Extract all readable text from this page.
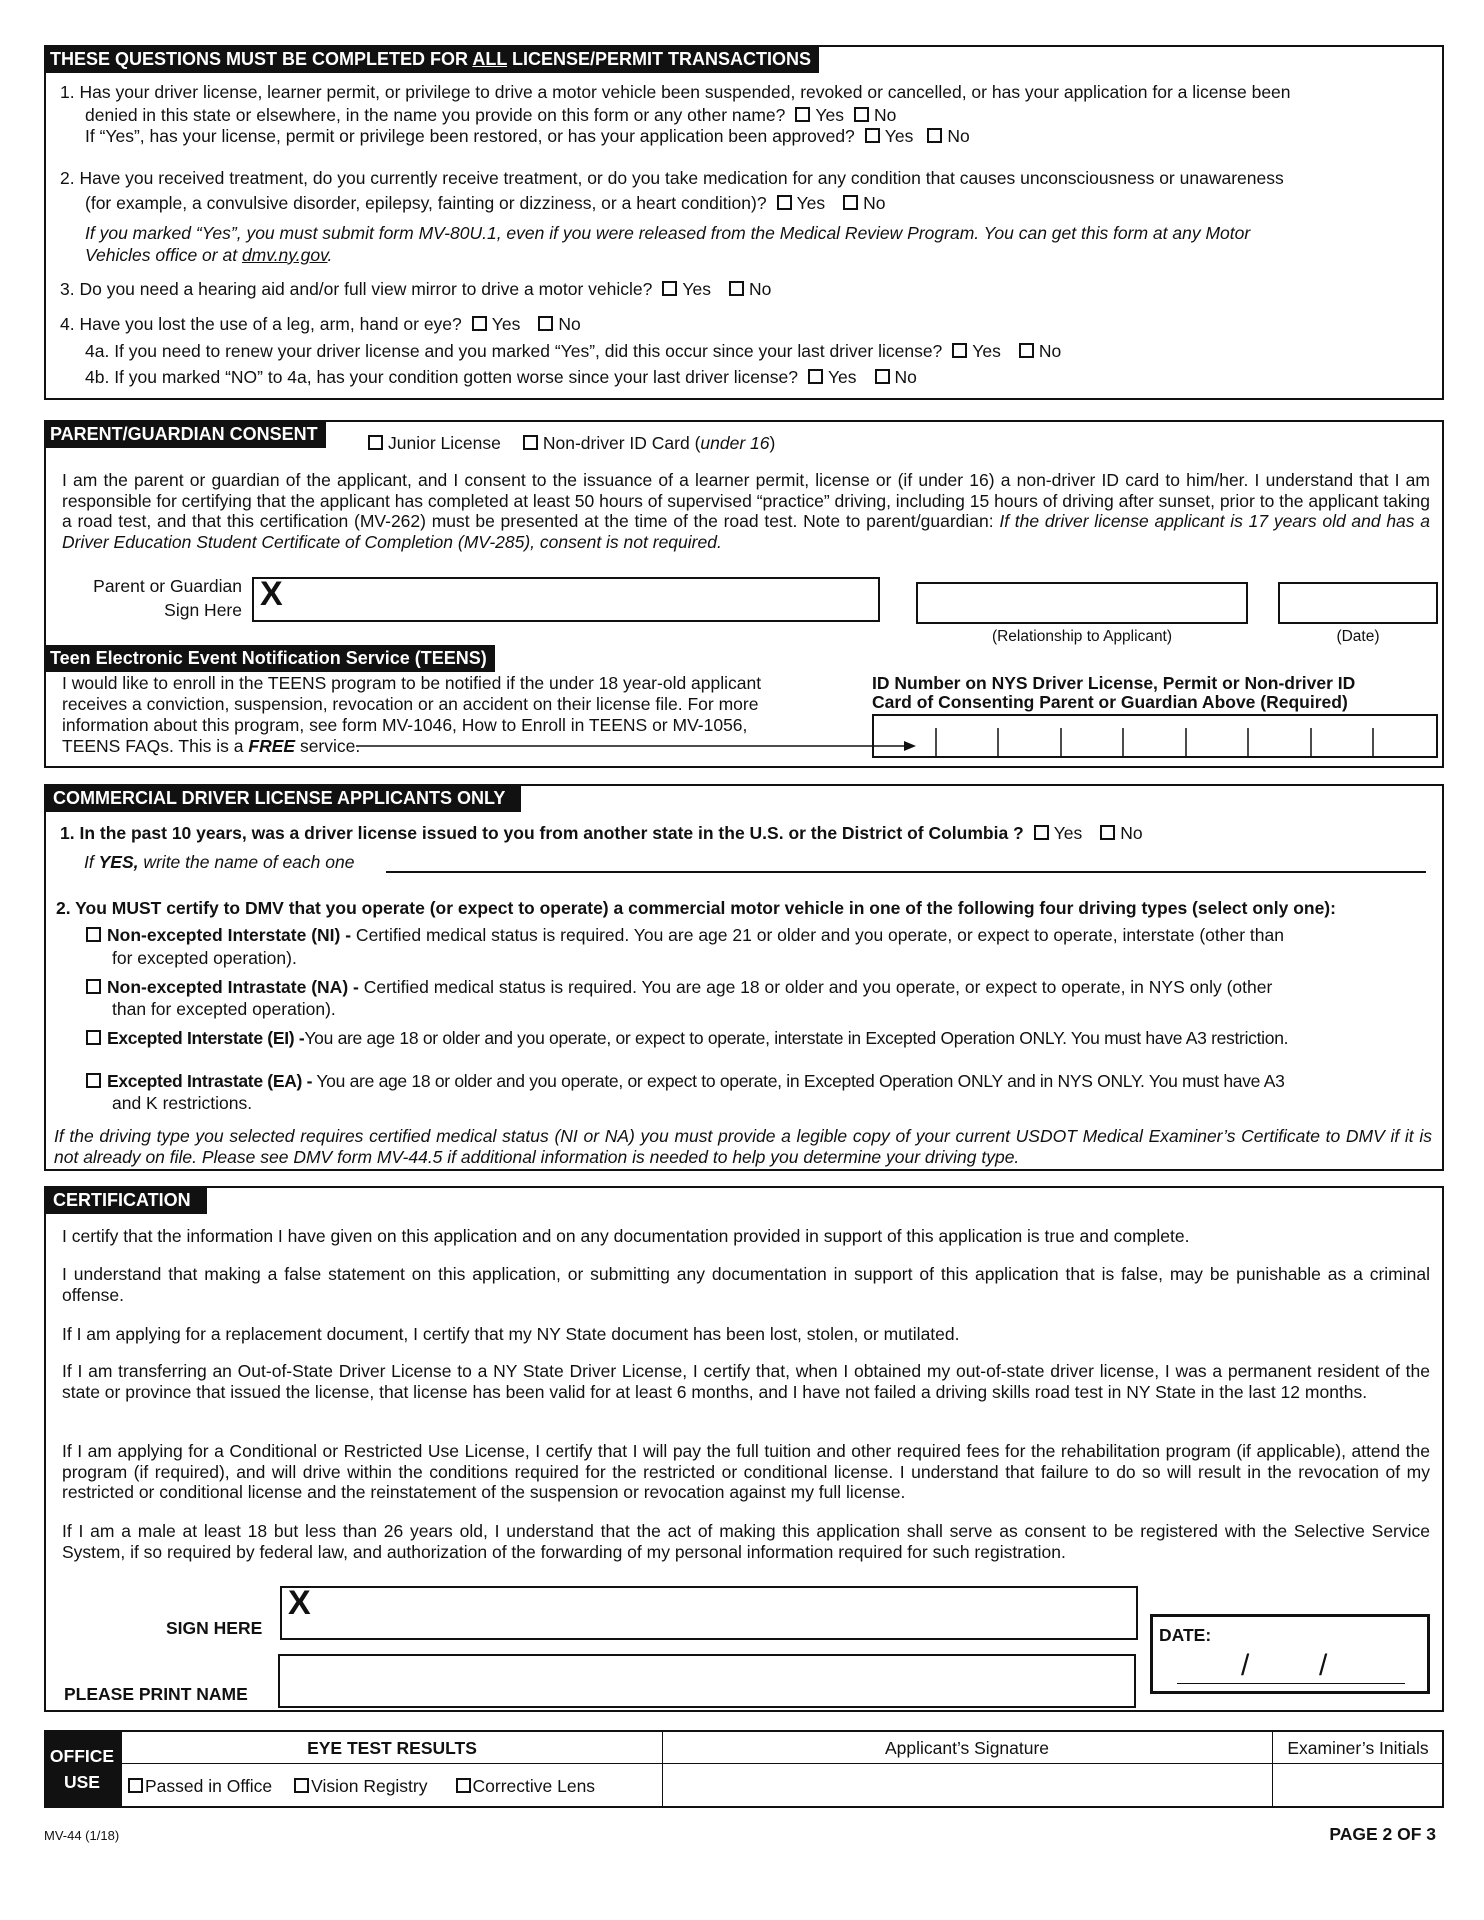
THESE QUESTIONS MUST BE COMPLETED FOR ALL LICENSE/PERMIT TRANSACTIONS
1. Has your driver license, learner permit, or privilege to drive a motor vehicle been suspended, revoked or cancelled, or has your application for a license been
denied in this state or elsewhere, in the name you provide on this form or any other name? Yes No
If “Yes”, has your license, permit or privilege been restored, or has your application been approved? Yes No
2. Have you received treatment, do you currently receive treatment, or do you take medication for any condition that causes unconsciousness or unawareness
(for example, a convulsive disorder, epilepsy, fainting or dizziness, or a heart condition)? Yes No
If you marked “Yes”, you must submit form MV-80U.1, even if you were released from the Medical Review Program. You can get this form at any Motor
Vehicles office or at dmv.ny.gov.
3. Do you need a hearing aid and/or full view mirror to drive a motor vehicle? Yes No
4. Have you lost the use of a leg, arm, hand or eye? Yes No
4a. If you need to renew your driver license and you marked “Yes”, did this occur since your last driver license? Yes No
4b. If you marked “NO” to 4a, has your condition gotten worse since your last driver license? Yes No
PARENT/GUARDIAN CONSENT	Junior License Non-driver ID Card (under 16)
I am the parent or guardian of the applicant, and I consent to the issuance of a learner permit, license or (if under 16) a non-driver ID card to him/her. I understand that I am responsible for certifying that the applicant has completed at least 50 hours of supervised “practice” driving, including 15 hours of driving after sunset, prior to the applicant taking a road test, and that this certification (MV-262) must be presented at the time of the road test. Note to parent/guardian: If the driver license applicant is 17 years old and has a Driver Education Student Certificate of Completion (MV-285), consent is not required.
Parent or Guardian
Sign Here X
(Relationship to Applicant)	(Date)
Teen Electronic Event Notification Service (TEENS)
I would like to enroll in the TEENS program to be notified if the under 18 year-old applicant
receives a conviction, suspension, revocation or an accident on their license file. For more
information about this program, see form MV-1046, How to Enroll in TEENS or MV-1056,
TEENS FAQs. This is a FREE service.
ID Number on NYS Driver License, Permit or Non-driver ID
Card of Consenting Parent or Guardian Above (Required)
COMMERCIAL DRIVER LICENSE APPLICANTS ONLY
1. In the past 10 years, was a driver license issued to you from another state in the U.S. or the District of Columbia ? Yes No
If YES, write the name of each one
2. You MUST certify to DMV that you operate (or expect to operate) a commercial motor vehicle in one of the following four driving types (select only one):
Non-excepted Interstate (NI) - Certified medical status is required. You are age 21 or older and you operate, or expect to operate, interstate (other than
for excepted operation).
Non-excepted Intrastate (NA) - Certified medical status is required. You are age 18 or older and you operate, or expect to operate, in NYS only (other
than for excepted operation).
Excepted Interstate (EI) -You are age 18 or older and you operate, or expect to operate, interstate in Excepted Operation ONLY. You must have A3 restriction.
Excepted Intrastate (EA) - You are age 18 or older and you operate, or expect to operate, in Excepted Operation ONLY and in NYS ONLY. You must have A3
and K restrictions.
If the driving type you selected requires certified medical status (NI or NA) you must provide a legible copy of your current USDOT Medical Examiner’s Certificate to DMV if it is not already on file. Please see DMV form MV-44.5 if additional information is needed to help you determine your driving type.
CERTIFICATION
I certify that the information I have given on this application and on any documentation provided in support of this application is true and complete.
I understand that making a false statement on this application, or submitting any documentation in support of this application that is false, may be punishable as a criminal offense.
If I am applying for a replacement document, I certify that my NY State document has been lost, stolen, or mutilated.
If I am transferring an Out-of-State Driver License to a NY State Driver License, I certify that, when I obtained my out-of-state driver license, I was a permanent resident of the state or province that issued the license, that license has been valid for at least 6 months, and I have not failed a driving skills road test in NY State in the last 12 months.
If I am applying for a Conditional or Restricted Use License, I certify that I will pay the full tuition and other required fees for the rehabilitation program (if applicable), attend the program (if required), and will drive within the conditions required for the restricted or conditional license. I understand that failure to do so will result in the revocation of my restricted or conditional license and the reinstatement of the suspension or revocation against my full license.
If I am a male at least 18 but less than 26 years old, I understand that the act of making this application shall serve as consent to be registered with the Selective Service System, if so required by federal law, and authorization of the forwarding of my personal information required for such registration.
SIGN HERE
PLEASE PRINT NAME
X
DATE:
/ /
OFFICE
USE
EYE TEST RESULTS	Applicant’s Signature	Examiner’s Initials
Passed in Office Vision Registry	Corrective Lens
MV-44 (1/18)	PAGE 2 OF 3
